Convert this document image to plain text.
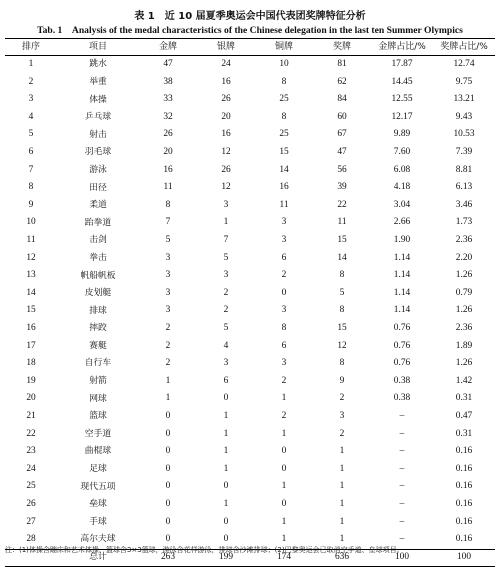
表 1　近 10 届夏季奥运会中国代表团奖牌特征分析
Tab. 1　Analysis of the medal characteristics of the Chinese delegation in the last ten Summer Olympics
排序	项目	金牌	银牌	铜牌	奖牌	金牌占比/%	奖牌占比/%
1	跳水	47	24	10	81	17.87	12.74
2	举重	38	16	8	62	14.45	9.75
3	体操	33	26	25	84	12.55	13.21
4	乒乓球	32	20	8	60	12.17	9.43
5	射击	26	16	25	67	9.89	10.53
6	羽毛球	20	12	15	47	7.60	7.39
7	游泳	16	26	14	56	6.08	8.81
8	田径	11	12	16	39	4.18	6.13
9	柔道	8	3	11	22	3.04	3.46
10	跆拳道	7	1	3	11	2.66	1.73
11	击剑	5	7	3	15	1.90	2.36
12	拳击	3	5	6	14	1.14	2.20
13	帆船帆板	3	3	2	8	1.14	1.26
14	皮划艇	3	2	0	5	1.14	0.79
15	排球	3	2	3	8	1.14	1.26
16	摔跤	2	5	8	15	0.76	2.36
17	赛艇	2	4	6	12	0.76	1.89
18	自行车	2	3	3	8	0.76	1.26
19	射箭	1	6	2	9	0.38	1.42
20	网球	1	0	1	2	0.38	0.31
21	篮球	0	1	2	3	–	0.47
22	空手道	0	1	1	2	–	0.31
23	曲棍球	0	1	0	1	–	0.16
24	足球	0	1	0	1	–	0.16
25	现代五项	0	0	1	1	–	0.16
26	垒球	0	1	0	1	–	0.16
27	手球	0	0	1	1	–	0.16
28	高尔夫球	0	0	1	1	–	0.16
	总计	263	199	174	636	100	100
注：(1)体操含蹦床和艺术体操，篮球含3×3篮球，游泳含花样游泳，排球含沙滩排球；(2)巴黎奥运会已取消空手道、垒球项目。
